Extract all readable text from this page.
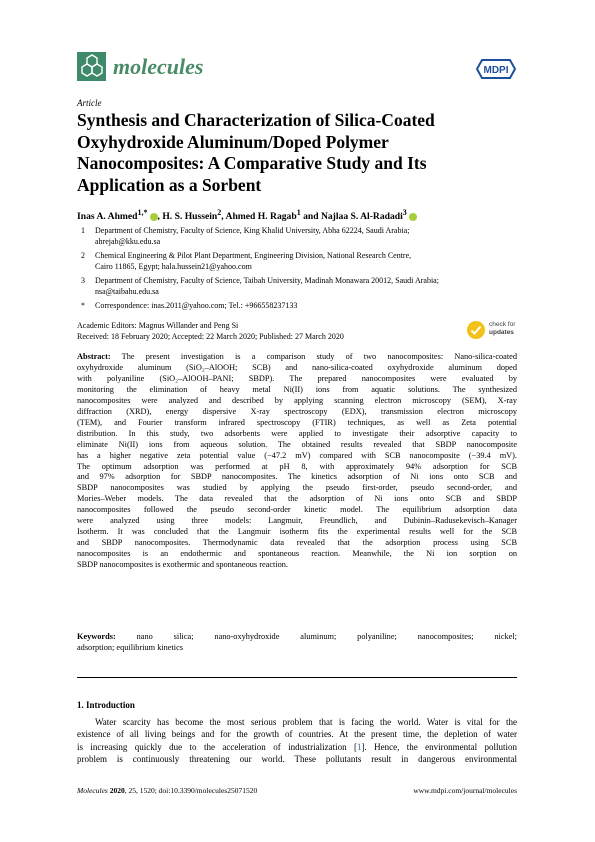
molecules	MDPI
Article
Synthesis and Characterization of Silica-Coated Oxyhydroxide Aluminum/Doped Polymer Nanocomposites: A Comparative Study and Its Application as a Sorbent
Inas A. Ahmed$^{1,*}$ , H. S. Hussein$^2$, Ahmed H. Ragab$^1$ and Najlaa S. Al-Radadi$^3$
1 Department of Chemistry, Faculty of Science, King Khalid University, Abha 62224, Saudi Arabia;
ahrejab@kku.edu.sa
2 Chemical Engineering & Pilot Plant Department, Engineering Division, National Research Centre,
Cairo 11865, Egypt; hala.hussein21@yahoo.com
3 Department of Chemistry, Faculty of Science, Taibah University, Madinah Monawara 20012, Saudi Arabia;
nsa@taibahu.edu.sa
* Correspondence: inas.2011@yahoo.com; Tel.: +966558237133
Academic Editors: Magnus Willander and Peng Si
Received: 18 February 2020; Accepted: 22 March 2020; Published: 27 March 2020
check for
updates
Abstract: The present investigation is a comparison study of two nanocomposites: Nano-silica-coated
oxyhydroxide aluminum (SiO₂–AlOOH; SCB) and nano-silica-coated oxyhydroxide aluminum doped
with polyaniline (SiO₂–AlOOH–PANI; SBDP). The prepared nanocomposites were evaluated by
monitoring the elimination of heavy metal Ni(II) ions from aquatic solutions. The synthesized
nanocomposites were analyzed and described by applying scanning electron microscopy (SEM), X-ray
diffraction (XRD), energy dispersive X-ray spectroscopy (EDX), transmission electron microscopy
(TEM), and Fourier transform infrared spectroscopy (FTIR) techniques, as well as Zeta potential
distribution. In this study, two adsorbents were applied to investigate their adsorptive capacity to
eliminate Ni(II) ions from aqueous solution. The obtained results revealed that SBDP nanocomposite
has a higher negative zeta potential value (−47.2 mV) compared with SCB nanocomposite (−39.4 mV).
The optimum adsorption was performed at pH 8, with approximately 94% adsorption for SCB
and 97% adsorption for SBDP nanocomposites. The kinetics adsorption of Ni ions onto SCB and
SBDP nanocomposites was studied by applying the pseudo first-order, pseudo second-order, and
Mories–Weber models. The data revealed that the adsorption of Ni ions onto SCB and SBDP
nanocomposites followed the pseudo second-order kinetic model. The equilibrium adsorption data
were analyzed using three models: Langmuir, Freundlich, and Dubinin–Radusekevisch–Kanager
Isotherm. It was concluded that the Langmuir isotherm fits the experimental results well for the SCB
and SBDP nanocomposites. Thermodynamic data revealed that the adsorption process using SCB
nanocomposites is an endothermic and spontaneous reaction. Meanwhile, the Ni ion sorption on
SBDP nanocomposites is exothermic and spontaneous reaction.
Keywords: nano silica; nano-oxyhydroxide aluminum; polyaniline; nanocomposites; nickel;
adsorption; equilibrium kinetics
1. Introduction
Water scarcity has become the most serious problem that is facing the world. Water is vital for the
existence of all living beings and for the growth of countries. At the present time, the depletion of water
is increasing quickly due to the acceleration of industrialization [1]. Hence, the environmental pollution
problem is continuously threatening our world. These pollutants result in dangerous environmental
Molecules 2020, 25, 1520; doi:10.3390/molecules25071520	www.mdpi.com/journal/molecules
